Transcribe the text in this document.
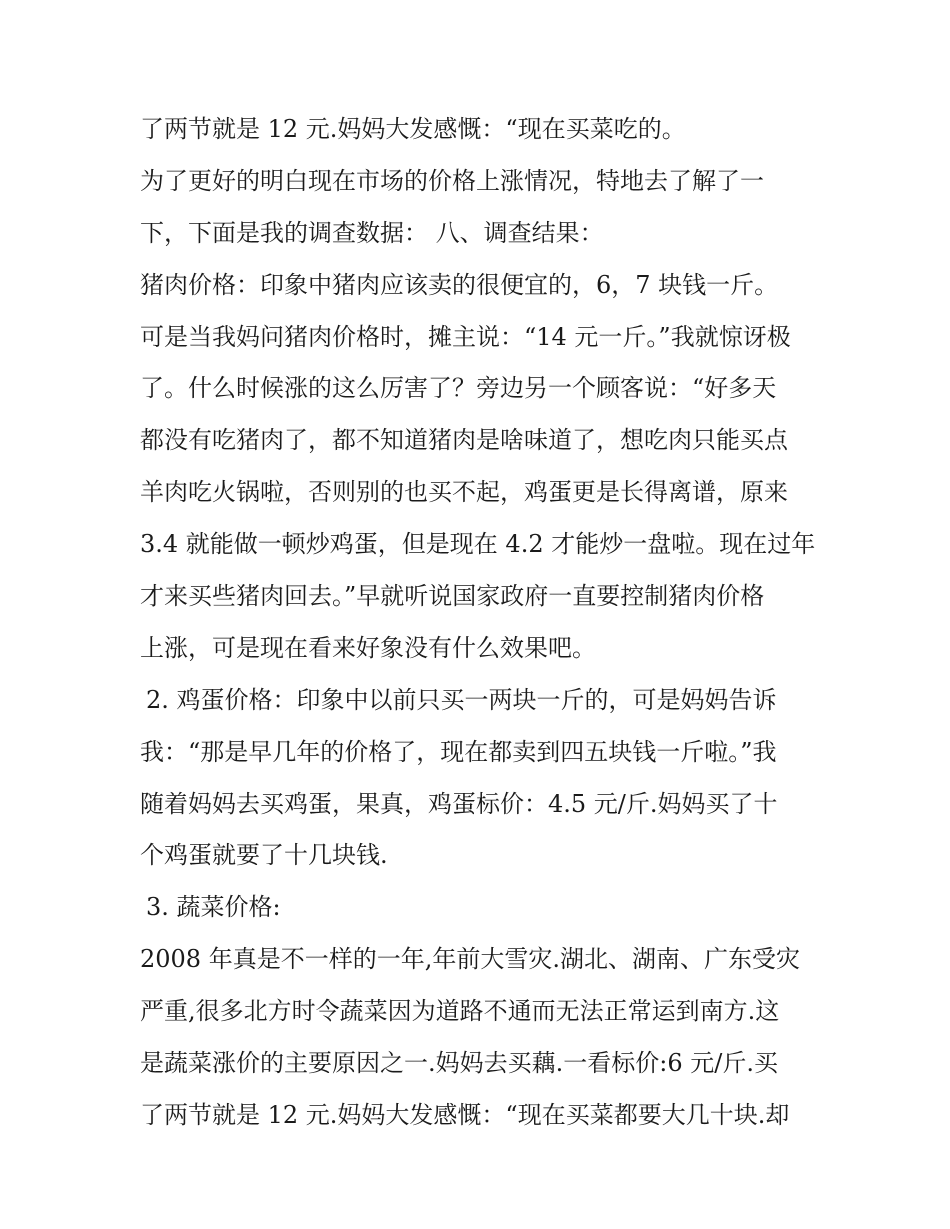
了两节就是 12 元.妈妈大发感慨：“现在买菜吃的。
为了更好的明白现在市场的价格上涨情况，特地去了解了一
下，下面是我的调查数据： 八、调查结果：
猪肉价格：印象中猪肉应该卖的很便宜的，6，7 块钱一斤。
可是当我妈问猪肉价格时，摊主说：“14 元一斤。”我就惊讶极
了。什么时候涨的这么厉害了？旁边另一个顾客说：“好多天
都没有吃猪肉了，都不知道猪肉是啥味道了，想吃肉只能买点
羊肉吃火锅啦，否则别的也买不起，鸡蛋更是长得离谱，原来
3.4 就能做一顿炒鸡蛋，但是现在 4.2 才能炒一盘啦。现在过年
才来买些猪肉回去。”早就听说国家政府一直要控制猪肉价格
上涨，可是现在看来好象没有什么效果吧。
2. 鸡蛋价格：印象中以前只买一两块一斤的，可是妈妈告诉
我：“那是早几年的价格了，现在都卖到四五块钱一斤啦。”我
随着妈妈去买鸡蛋，果真，鸡蛋标价：4.5 元/斤.妈妈买了十
个鸡蛋就要了十几块钱.
3. 蔬菜价格:
2008 年真是不一样的一年,年前大雪灾.湖北、湖南、广东受灾
严重,很多北方时令蔬菜因为道路不通而无法正常运到南方.这
是蔬菜涨价的主要原因之一.妈妈去买藕.一看标价:6 元/斤.买
了两节就是 12 元.妈妈大发感慨：“现在买菜都要大几十块.却
